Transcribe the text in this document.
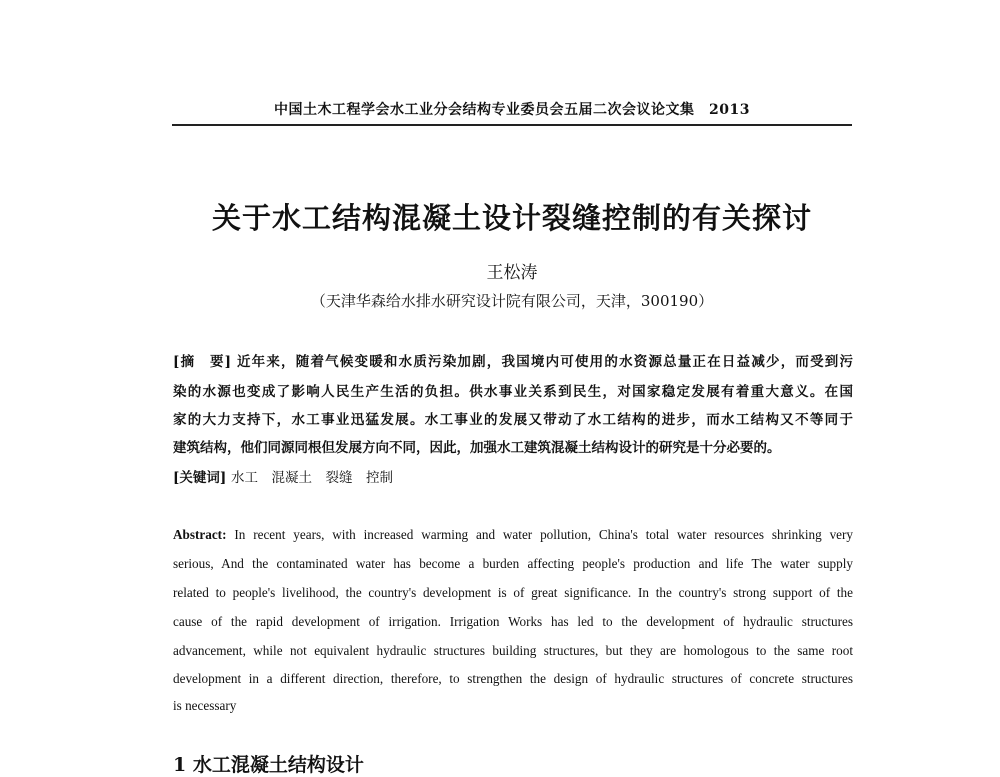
中国土木工程学会水工业分会结构专业委员会五届二次会议论文集　2013
关于水工结构混凝土设计裂缝控制的有关探讨
王松涛
（天津华森给水排水研究设计院有限公司，天津，300190）
[摘　要] 近年来，随着气候变暖和水质污染加剧，我国境内可使用的水资源总量正在日益减少，而受到污
染的水源也变成了影响人民生产生活的负担。供水事业关系到民生，对国家稳定发展有着重大意义。在国
家的大力支持下，水工事业迅猛发展。水工事业的发展又带动了水工结构的进步，而水工结构又不等同于
建筑结构，他们同源同根但发展方向不同，因此，加强水工建筑混凝土结构设计的研究是十分必要的。
[关键词] 水工　混凝土　裂缝　控制
Abstract: In recent years, with increased warming and water pollution, China's total water resources shrinking very
serious, And the contaminated water has become a burden affecting people's production and life The water supply
related to people's livelihood, the country's development is of great significance. In the country's strong support of the
cause of the rapid development of irrigation. Irrigation Works has led to the development of hydraulic structures
advancement, while not equivalent hydraulic structures building structures, but they are homologous to the same root
development in a different direction, therefore, to strengthen the design of hydraulic structures of concrete structures
is necessary
1 水工混凝土结构设计
